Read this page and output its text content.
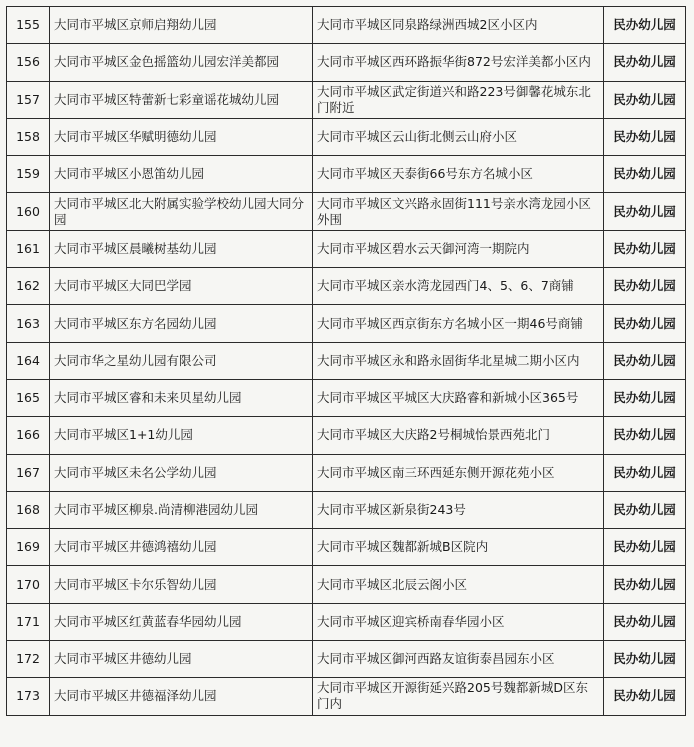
155	大同市平城区京师启翔幼儿园	大同市平城区同泉路绿洲西城2区小区内	民办幼儿园
156	大同市平城区金色摇篮幼儿园宏洋美都园	大同市平城区西环路振华街872号宏洋美都小区内	民办幼儿园
157	大同市平城区特蕾新七彩童谣花城幼儿园	大同市平城区武定街道兴和路223号御馨花城东北门附近	民办幼儿园
158	大同市平城区华赋明德幼儿园	大同市平城区云山街北侧云山府小区	民办幼儿园
159	大同市平城区小恩笛幼儿园	大同市平城区天泰街66号东方名城小区	民办幼儿园
160	大同市平城区北大附属实验学校幼儿园大同分园	大同市平城区文兴路永固街111号亲水湾龙园小区外围	民办幼儿园
161	大同市平城区晨曦树基幼儿园	大同市平城区碧水云天御河湾一期院内	民办幼儿园
162	大同市平城区大同巴学园	大同市平城区亲水湾龙园西门4、5、6、7商铺	民办幼儿园
163	大同市平城区东方名园幼儿园	大同市平城区西京街东方名城小区一期46号商铺	民办幼儿园
164	大同市华之星幼儿园有限公司	大同市平城区永和路永固街华北星城二期小区内	民办幼儿园
165	大同市平城区睿和未来贝星幼儿园	大同市平城区平城区大庆路睿和新城小区365号	民办幼儿园
166	大同市平城区1+1幼儿园	大同市平城区大庆路2号桐城怡景西苑北门	民办幼儿园
167	大同市平城区未名公学幼儿园	大同市平城区南三环西延东侧开源花苑小区	民办幼儿园
168	大同市平城区柳泉.尚清柳港园幼儿园	大同市平城区新泉街243号	民办幼儿园
169	大同市平城区井德鸿禧幼儿园	大同市平城区魏都新城B区院内	民办幼儿园
170	大同市平城区卡尔乐智幼儿园	大同市平城区北辰云阁小区	民办幼儿园
171	大同市平城区红黄蓝春华园幼儿园	大同市平城区迎宾桥南春华园小区	民办幼儿园
172	大同市平城区井德幼儿园	大同市平城区御河西路友谊街泰昌园东小区	民办幼儿园
173	大同市平城区井德福泽幼儿园	大同市平城区开源街延兴路205号魏都新城D区东门内	民办幼儿园
